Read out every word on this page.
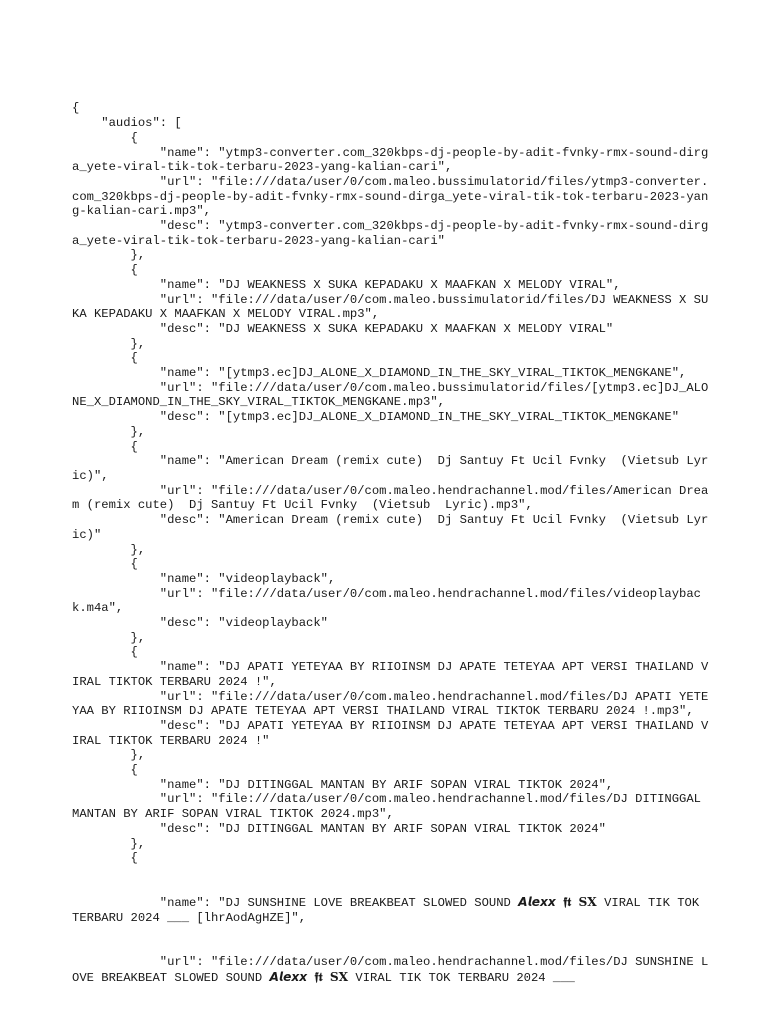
{
"audios": [
{
"name": "ytmp3-converter.com_320kbps-dj-people-by-adit-fvnky-rmx-sound-dirga_yete-viral-tik-tok-terbaru-2023-yang-kalian-cari",
"url": "file:///data/user/0/com.maleo.bussimulatorid/files/ytmp3-converter.com_320kbps-dj-people-by-adit-fvnky-rmx-sound-dirga_yete-viral-tik-tok-terbaru-2023-yang-kalian-cari.mp3",
"desc": "ytmp3-converter.com_320kbps-dj-people-by-adit-fvnky-rmx-sound-dirga_yete-viral-tik-tok-terbaru-2023-yang-kalian-cari"
},
{
"name": "DJ WEAKNESS X SUKA KEPADAKU X MAAFKAN X MELODY VIRAL",
"url": "file:///data/user/0/com.maleo.bussimulatorid/files/DJ WEAKNESS X SUKA KEPADAKU X MAAFKAN X MELODY VIRAL.mp3",
"desc": "DJ WEAKNESS X SUKA KEPADAKU X MAAFKAN X MELODY VIRAL"
},
{
"name": "[ytmp3.ec]DJ_ALONE_X_DIAMOND_IN_THE_SKY_VIRAL_TIKTOK_MENGKANE",
"url": "file:///data/user/0/com.maleo.bussimulatorid/files/[ytmp3.ec]DJ_ALONE_X_DIAMOND_IN_THE_SKY_VIRAL_TIKTOK_MENGKANE.mp3",
"desc": "[ytmp3.ec]DJ_ALONE_X_DIAMOND_IN_THE_SKY_VIRAL_TIKTOK_MENGKANE"
},
{
"name": "American Dream (remix cute)  Dj Santuy Ft Ucil Fvnky  (Vietsub Lyric)",
"url": "file:///data/user/0/com.maleo.hendrachannel.mod/files/American Dream (remix cute)  Dj Santuy Ft Ucil Fvnky  (Vietsub  Lyric).mp3",
"desc": "American Dream (remix cute)  Dj Santuy Ft Ucil Fvnky  (Vietsub Lyric)"
},
{
"name": "videoplayback",
"url": "file:///data/user/0/com.maleo.hendrachannel.mod/files/videoplayback.m4a",
"desc": "videoplayback"
},
{
"name": "DJ APATI YETEYAA BY RIIOINSM DJ APATE TETEYAA APT VERSI THAILAND VIRAL TIKTOK TERBARU 2024 !",
"url": "file:///data/user/0/com.maleo.hendrachannel.mod/files/DJ APATI YETEYAA BY RIIOINSM DJ APATE TETEYAA APT VERSI THAILAND VIRAL TIKTOK TERBARU 2024 !.mp3",
"desc": "DJ APATI YETEYAA BY RIIOINSM DJ APATE TETEYAA APT VERSI THAILAND VIRAL TIKTOK TERBARU 2024 !"
},
{
"name": "DJ DITINGGAL MANTAN BY ARIF SOPAN VIRAL TIKTOK 2024",
"url": "file:///data/user/0/com.maleo.hendrachannel.mod/files/DJ DITINGGAL MANTAN BY ARIF SOPAN VIRAL TIKTOK 2024.mp3",
"desc": "DJ DITINGGAL MANTAN BY ARIF SOPAN VIRAL TIKTOK 2024"
},
{

"name": "DJ SUNSHINE LOVE BREAKBEAT SLOWED SOUND 𝘼𝙡𝙚𝙭𝙭 𝖋𝖙 𝐒𝐗 VIRAL TIK TOK TERBARU 2024 ___ [lhrAodAgHZE]",

"url": "file:///data/user/0/com.maleo.hendrachannel.mod/files/DJ SUNSHINE LOVE BREAKBEAT SLOWED SOUND 𝘼𝙡𝙚𝙭𝙭 𝖋𝖙 𝐒𝐗 VIRAL TIK TOK TERBARU 2024 ___
